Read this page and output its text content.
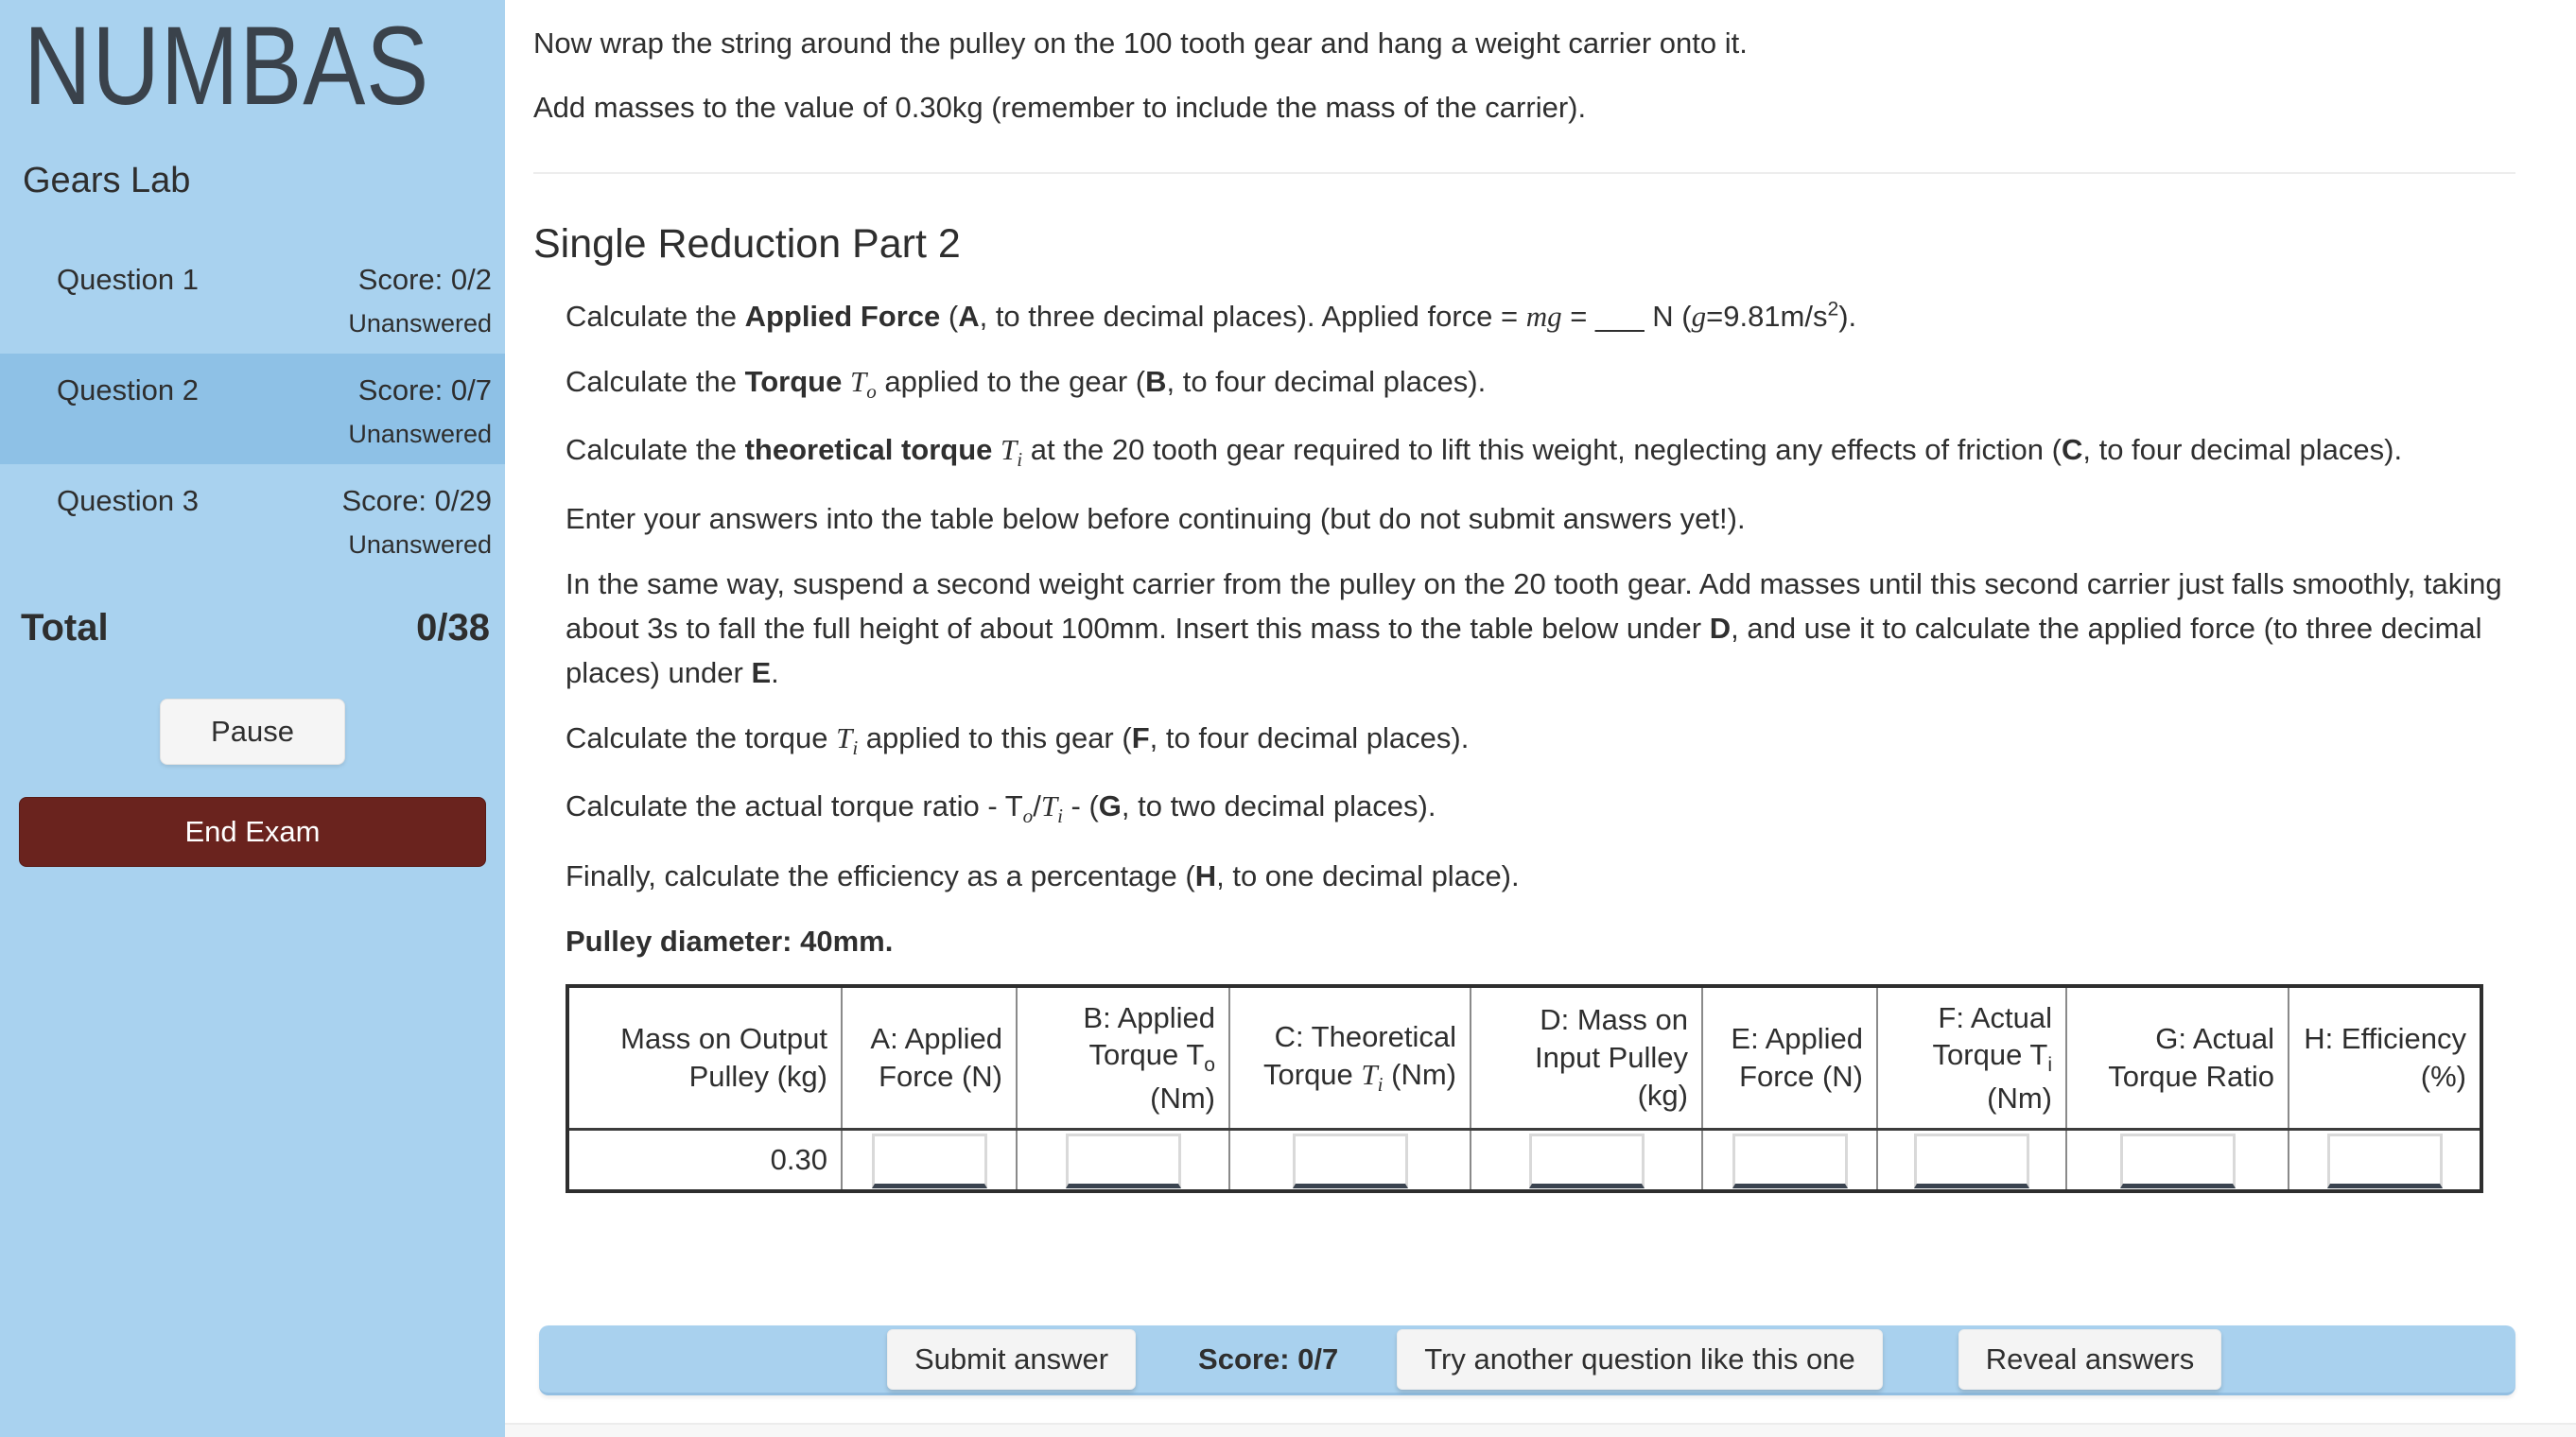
NUMBAS
Gears Lab
Question 1	Score: 0/2
Unanswered
Question 2	Score: 0/7
Unanswered
Question 3	Score: 0/29
Unanswered
Total	0/38
Pause
End Exam

Now wrap the string around the pulley on the 100 tooth gear and hang a weight carrier onto it.

Add masses to the value of 0.30kg (remember to include the mass of the carrier).

Single Reduction Part 2

Calculate the Applied Force (A, to three decimal places). Applied force = mg = ___ N $(g=9.81m/s^2)$.

Calculate the Torque $T_o$ applied to the gear (B, to four decimal places).

Calculate the theoretical torque $T_i$ at the 20 tooth gear required to lift this weight, neglecting any effects of friction (C, to four decimal places).

Enter your answers into the table below before continuing (but do not submit answers yet!).

In the same way, suspend a second weight carrier from the pulley on the 20 tooth gear. Add masses until this second carrier just falls smoothly, taking about 3s to fall the full height of about 100mm. Insert this mass to the table below under D, and use it to calculate the applied force (to three decimal places) under E.

Calculate the torque $T_i$ applied to this gear (F, to four decimal places).

Calculate the actual torque ratio - $T_o/T_i - (G$, to two decimal places).

Finally, calculate the efficiency as a percentage (H, to one decimal place).

Pulley diameter: 40mm.

Mass on Output Pulley (kg)	A: Applied Force (N)	B: Applied Torque $T_o$ (Nm)	C: Theoretical Torque $T_i$ (Nm)	D: Mass on Input Pulley (kg)	E: Applied Force (N)	F: Actual Torque $T_i$ (Nm)	G: Actual Torque Ratio	H: Efficiency (%)
0.30								
Submit answer	Score: 0/7	Try another question like this one	Reveal answers
